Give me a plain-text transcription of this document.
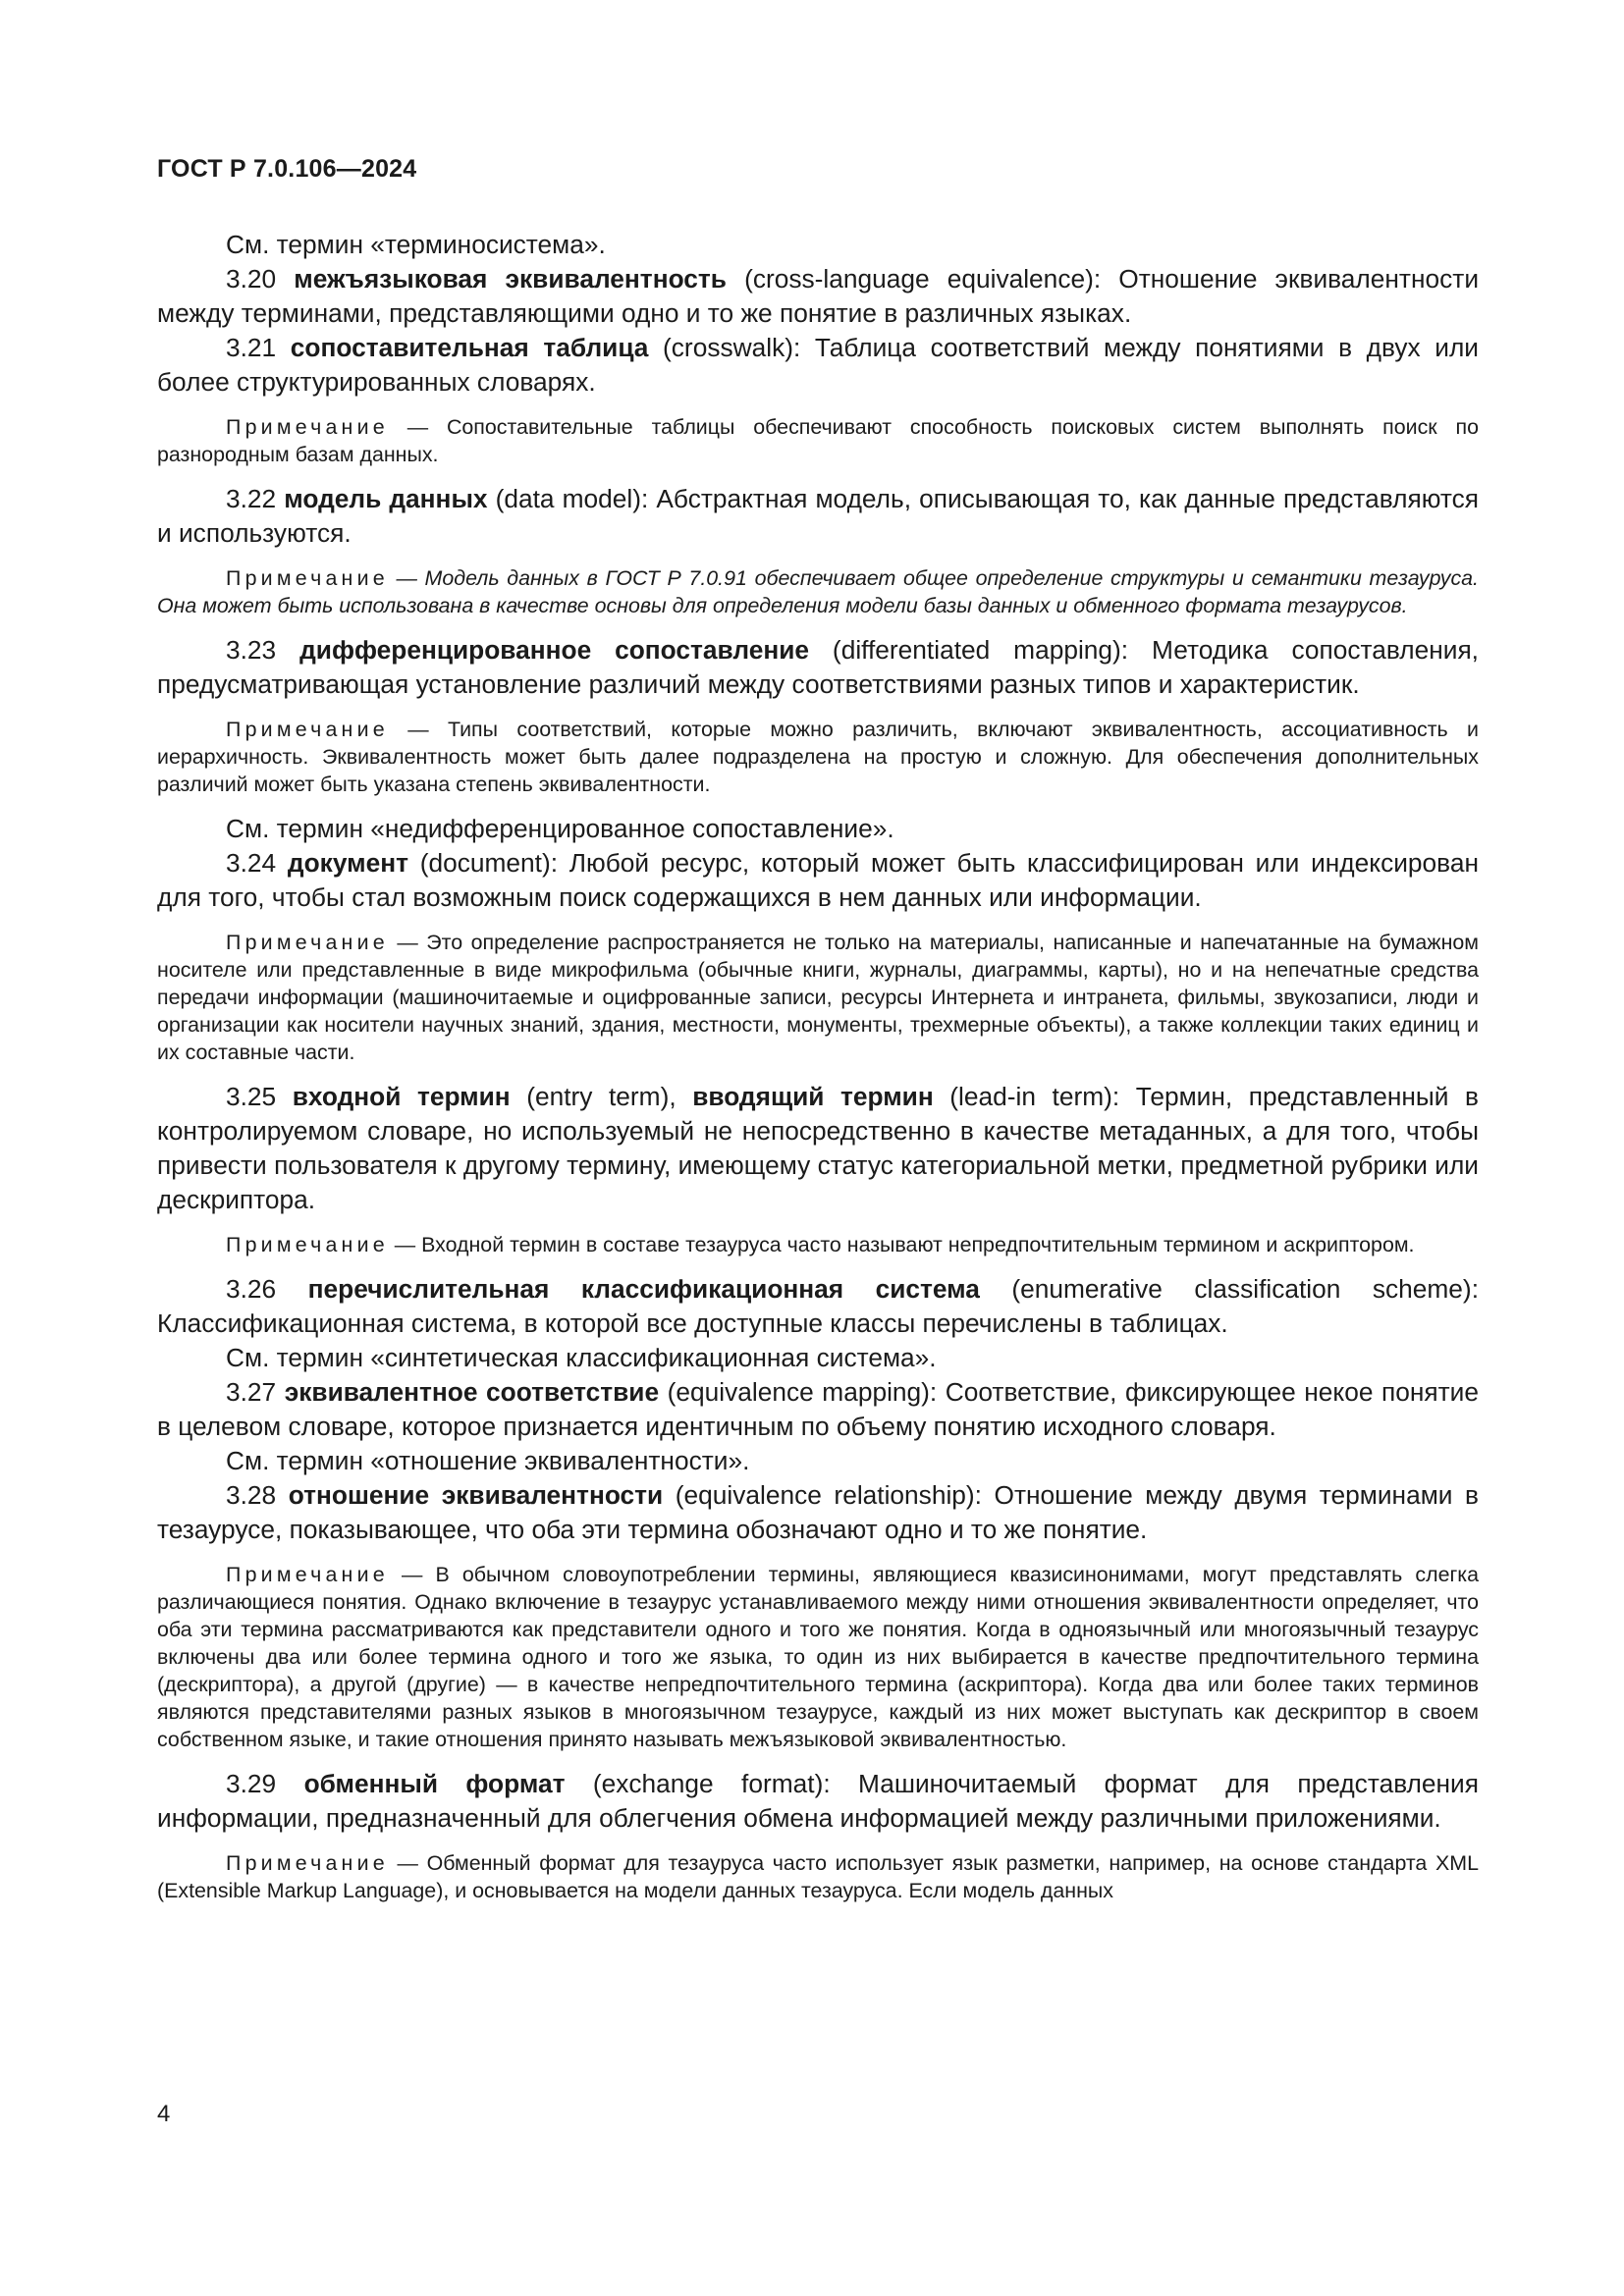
ГОСТ Р 7.0.106—2024
См. термин «терминосистема».
3.20 межъязыковая эквивалентность (cross-language equivalence): Отношение эквивалентности между терминами, представляющими одно и то же понятие в различных языках.
3.21 сопоставительная таблица (crosswalk): Таблица соответствий между понятиями в двух или более структурированных словарях.
Примечание — Сопоставительные таблицы обеспечивают способность поисковых систем выполнять поиск по разнородным базам данных.
3.22 модель данных (data model): Абстрактная модель, описывающая то, как данные представляются и используются.
Примечание — Модель данных в ГОСТ Р 7.0.91 обеспечивает общее определение структуры и семантики тезауруса. Она может быть использована в качестве основы для определения модели базы данных и обменного формата тезаурусов.
3.23 дифференцированное сопоставление (differentiated mapping): Методика сопоставления, предусматривающая установление различий между соответствиями разных типов и характеристик.
Примечание — Типы соответствий, которые можно различить, включают эквивалентность, ассоциативность и иерархичность. Эквивалентность может быть далее подразделена на простую и сложную. Для обеспечения дополнительных различий может быть указана степень эквивалентности.
См. термин «недифференцированное сопоставление».
3.24 документ (document): Любой ресурс, который может быть классифицирован или индексирован для того, чтобы стал возможным поиск содержащихся в нем данных или информации.
Примечание — Это определение распространяется не только на материалы, написанные и напечатанные на бумажном носителе или представленные в виде микрофильма (обычные книги, журналы, диаграммы, карты), но и на непечатные средства передачи информации (машиночитаемые и оцифрованные записи, ресурсы Интернета и интранета, фильмы, звукозаписи, люди и организации как носители научных знаний, здания, местности, монументы, трехмерные объекты), а также коллекции таких единиц и их составные части.
3.25 входной термин (entry term), вводящий термин (lead-in term): Термин, представленный в контролируемом словаре, но используемый не непосредственно в качестве метаданных, а для того, чтобы привести пользователя к другому термину, имеющему статус категориальной метки, предметной рубрики или дескриптора.
Примечание — Входной термин в составе тезауруса часто называют непредпочтительным термином и аскриптором.
3.26 перечислительная классификационная система (enumerative classification scheme): Классификационная система, в которой все доступные классы перечислены в таблицах.
См. термин «синтетическая классификационная система».
3.27 эквивалентное соответствие (equivalence mapping): Соответствие, фиксирующее некое понятие в целевом словаре, которое признается идентичным по объему понятию исходного словаря.
См. термин «отношение эквивалентности».
3.28 отношение эквивалентности (equivalence relationship): Отношение между двумя терминами в тезаурусе, показывающее, что оба эти термина обозначают одно и то же понятие.
Примечание — В обычном словоупотреблении термины, являющиеся квазисинонимами, могут представлять слегка различающиеся понятия. Однако включение в тезаурус устанавливаемого между ними отношения эквивалентности определяет, что оба эти термина рассматриваются как представители одного и того же понятия. Когда в одноязычный или многоязычный тезаурус включены два или более термина одного и того же языка, то один из них выбирается в качестве предпочтительного термина (дескриптора), а другой (другие) — в качестве непредпочтительного термина (аскриптора). Когда два или более таких терминов являются представителями разных языков в многоязычном тезаурусе, каждый из них может выступать как дескриптор в своем собственном языке, и такие отношения принято называть межъязыковой эквивалентностью.
3.29 обменный формат (exchange format): Машиночитаемый формат для представления информации, предназначенный для облегчения обмена информацией между различными приложениями.
Примечание — Обменный формат для тезауруса часто использует язык разметки, например, на основе стандарта XML (Extensible Markup Language), и основывается на модели данных тезауруса. Если модель данных
4
